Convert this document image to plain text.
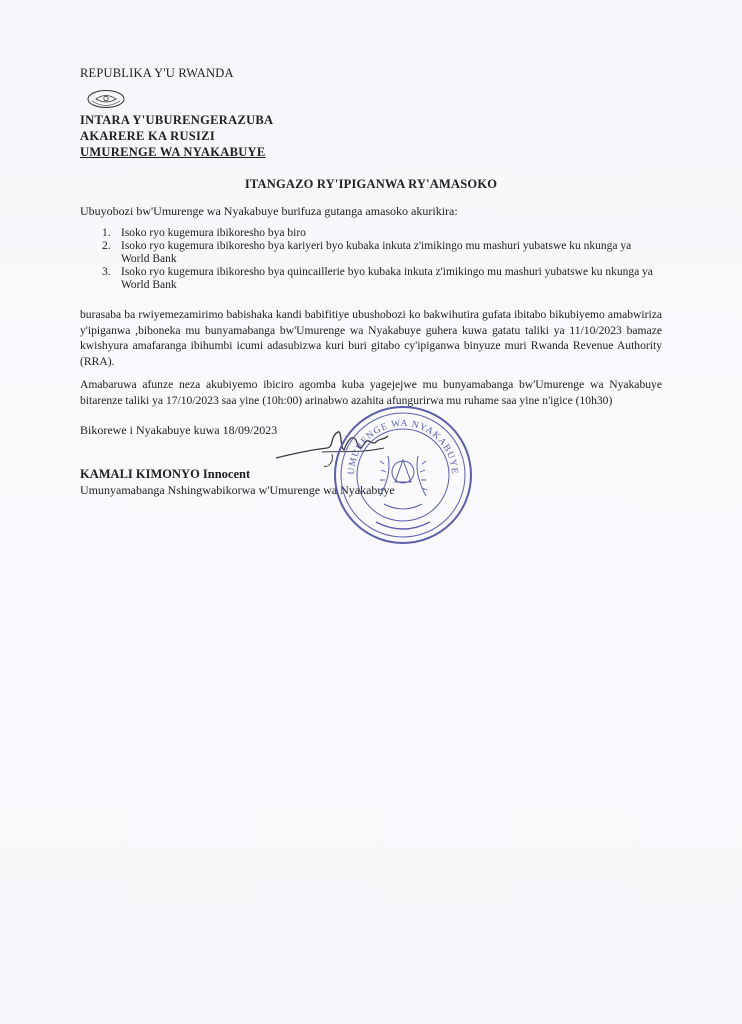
REPUBLIKA Y'U RWANDA
INTARA Y'UBURENGERAZUBA
AKARERE KA RUSIZI
UMURENGE WA NYAKABUYE
ITANGAZO RY'IPIGANWA RY'AMASOKO
Ubuyobozi bw'Umurenge wa Nyakabuye burifuza gutanga amasoko akurikira:
1. Isoko ryo kugemura ibikoresho bya biro
2. Isoko ryo kugemura ibikoresho bya kariyeri byo kubaka inkuta z'imikingo mu mashuri yubatswe ku nkunga ya World Bank
3. Isoko ryo kugemura ibikoresho bya quincaillerie byo kubaka inkuta z'imikingo mu mashuri yubatswe ku nkunga ya World Bank
burasaba ba rwiyemezamirimo babishaka kandi babifitiye ubushobozi ko bakwihutira gufata ibitabo bikubiyemo amabwiriza y'ipiganwa ,biboneka mu bunyamabanga bw'Umurenge wa Nyakabuye guhera kuwa gatatu taliki ya 11/10/2023 bamaze kwishyura amafaranga ibihumbi icumi adasubizwa kuri buri gitabo cy'ipiganwa binyuze muri Rwanda Revenue Authority (RRA).
Amabaruwa afunze neza akubiyemo ibiciro agomba kuba yagejejwe mu bunyamabanga bw'Umurenge wa Nyakabuye bitarenze taliki ya 17/10/2023 saa yine (10h:00) arinabwo azahita afungurirwa mu ruhame saa yine n'igice (10h30)
Bikorewe i Nyakabuye kuwa 18/09/2023
KAMALI KIMONYO Innocent
Umunyamabanga Nshingwabikorwa w'Umurenge wa Nyakabuye
UMURENGE WA NYAKABUYE
